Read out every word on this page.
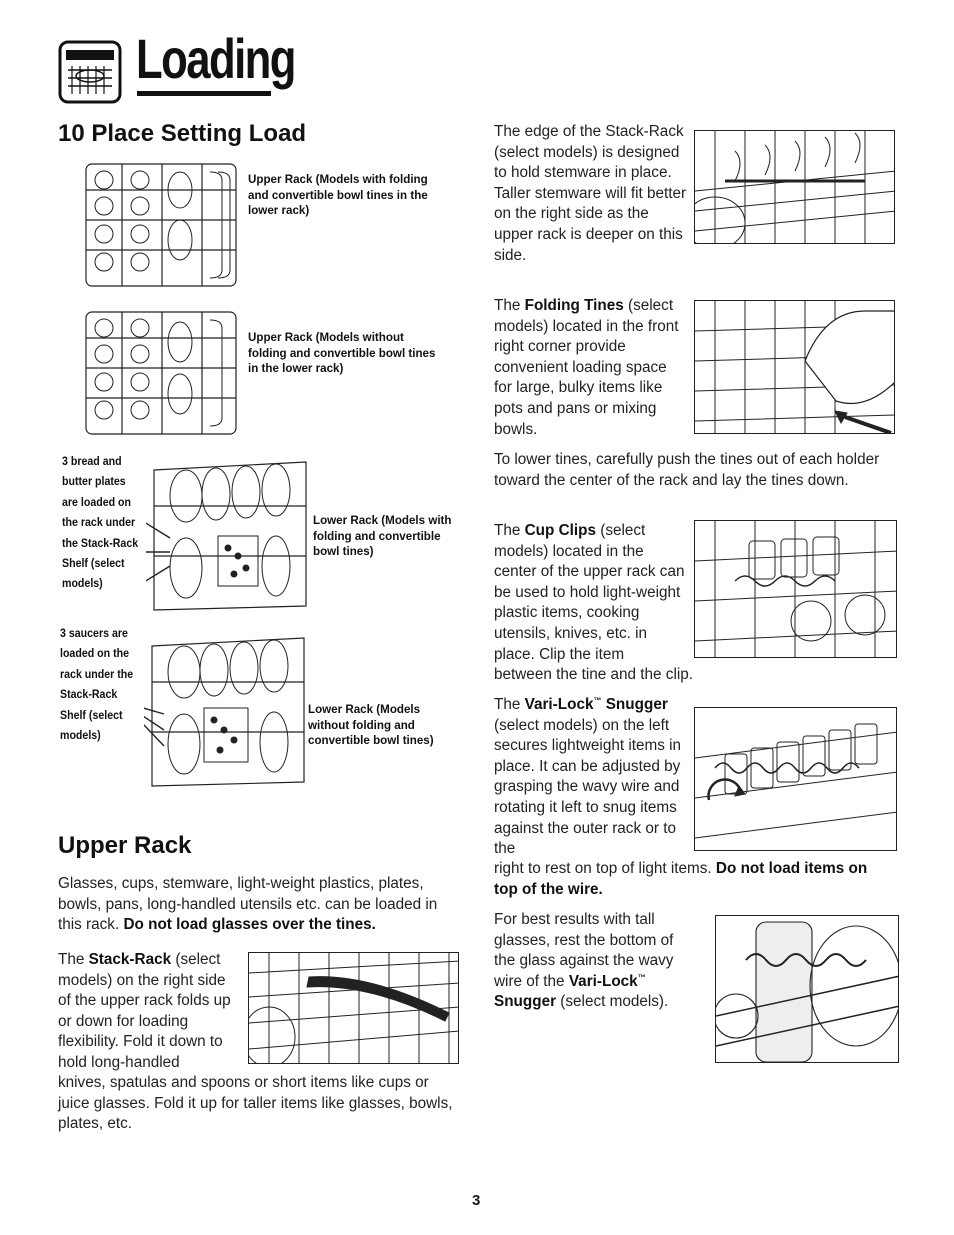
Loading
10 Place Setting Load
Upper Rack (Models with folding and convertible bowl tines in the lower rack)
Upper Rack (Models without folding and convertible bowl tines in the lower rack)
3 bread and butter plates are loaded on the rack under the Stack-Rack Shelf (select models)
Lower Rack (Models with folding and convertible bowl tines)
3 saucers are loaded on the rack under the Stack-Rack Shelf (select models)
Lower Rack (Models without folding and convertible bowl tines)
Upper Rack
Glasses, cups, stemware, light-weight plastics, plates, bowls, pans, long-handled utensils etc. can be loaded in this rack. Do not load glasses over the tines.
The Stack-Rack (select models) on the right side of the upper rack folds up or down for loading flexibility. Fold it down to hold long-handled
knives, spatulas and spoons or short items like cups or juice glasses. Fold it up for taller items like glasses, bowls, plates, etc.
The edge of the Stack-Rack (select models) is designed to hold stemware in place. Taller stemware will fit better on the right side as the upper rack is deeper on this side.
The Folding Tines (select models) located in the front right corner provide convenient loading space for large, bulky items like pots and pans or mixing bowls.
To lower tines, carefully push the tines out of each holder toward the center of the rack and lay the tines down.
The Cup Clips (select models) located in the center of the upper rack can be used to hold light-weight plastic items, cooking utensils, knives, etc. in place. Clip the item
between the tine and the clip.
The Vari-Lock™ Snugger (select models) on the left secures lightweight items in place. It can be adjusted by grasping the wavy wire and rotating it left to snug items against the outer rack or to the
right to rest on top of light items. Do not load items on top of the wire.
For best results with tall glasses, rest the bottom of the glass against the wavy wire of the Vari-Lock™ Snugger (select models).
3
